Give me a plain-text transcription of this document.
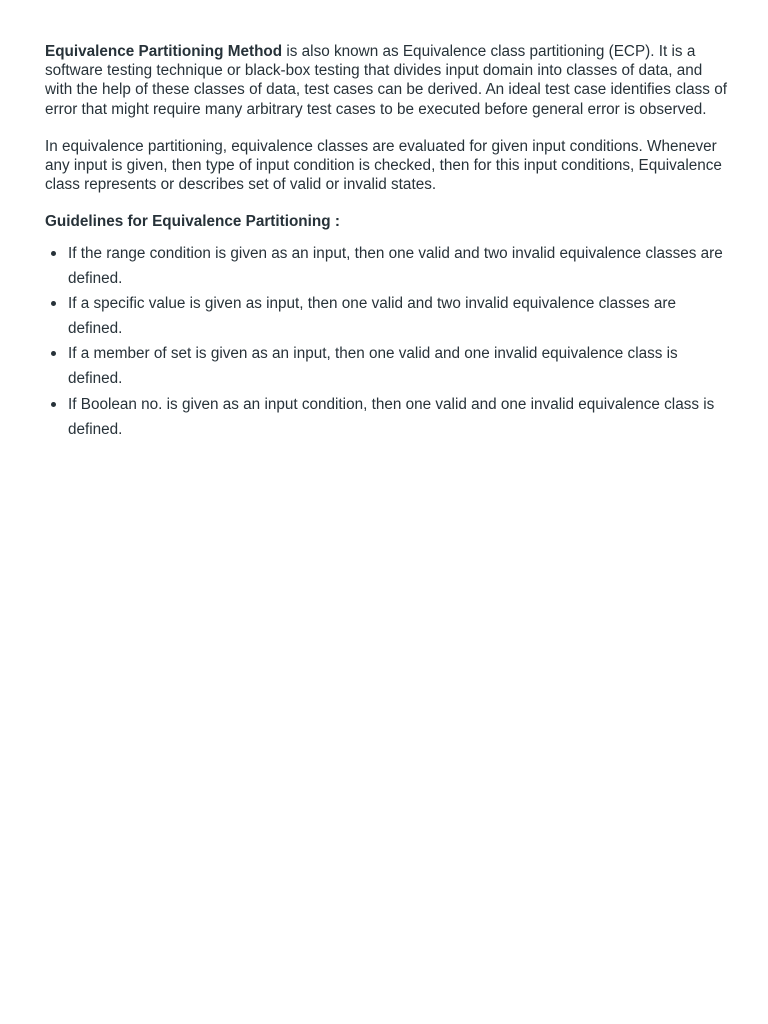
Equivalence Partitioning Method is also known as Equivalence class partitioning (ECP). It is a software testing technique or black-box testing that divides input domain into classes of data, and with the help of these classes of data, test cases can be derived. An ideal test case identifies class of error that might require many arbitrary test cases to be executed before general error is observed.

In equivalence partitioning, equivalence classes are evaluated for given input conditions. Whenever any input is given, then type of input condition is checked, then for this input conditions, Equivalence class represents or describes set of valid or invalid states.

Guidelines for Equivalence Partitioning :

If the range condition is given as an input, then one valid and two invalid equivalence classes are defined.
If a specific value is given as input, then one valid and two invalid equivalence classes are defined.
If a member of set is given as an input, then one valid and one invalid equivalence class is defined.
If Boolean no. is given as an input condition, then one valid and one invalid equivalence class is defined.
